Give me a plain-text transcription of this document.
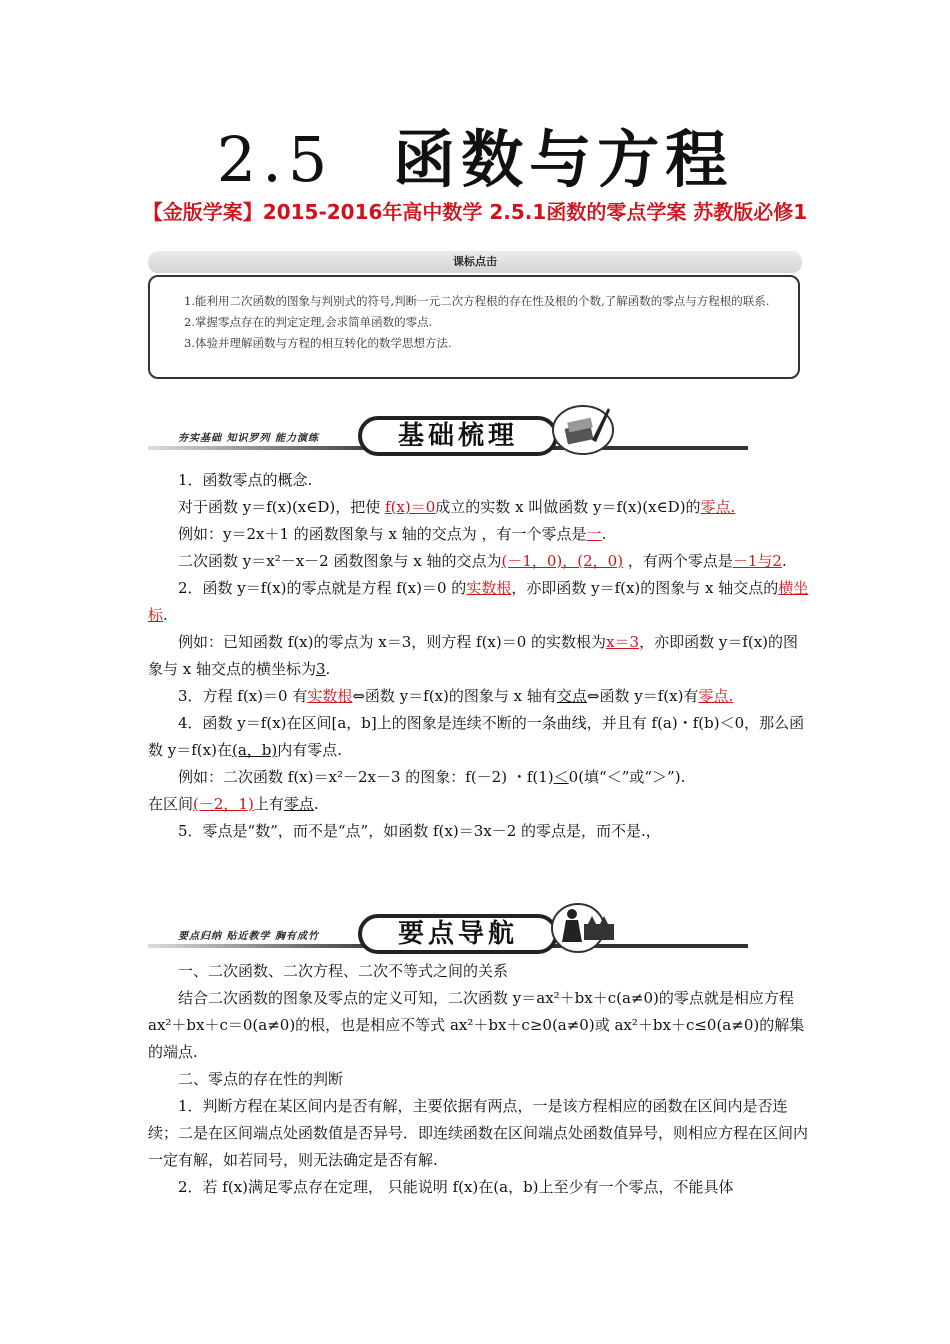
2.5 函数与方程
【金版学案】2015-2016年高中数学 2.5.1函数的零点学案 苏教版必修1
课标点击

1.能利用二次函数的图象与判别式的符号,判断一元二次方程根的存在性及根的个数,了解函数的零点与方程根的联系.

2.掌握零点存在的判定定理,会求简单函数的零点.

3.体验并理解函数与方程的相互转化的数学思想方法.

夯实基础 知识罗列 能力演练	基础梳理

1．函数零点的概念.

对于函数 y＝f(x)(x∈D)，把使 f(x)＝0成立的实数 x 叫做函数 y＝f(x)(x∈D)的零点.

例如：y＝2x＋1 的函数图象与 x 轴的交点为 ，有一个零点是一.

二次函数 y＝x²－x－2 函数图象与 x 轴的交点为(－1，0)，(2，0) ，有两个零点是－1与2.

2．函数 y＝f(x)的零点就是方程 f(x)＝0 的实数根，亦即函数 y＝f(x)的图象与 x 轴交点的横坐标.

例如：已知函数 f(x)的零点为 x＝3，则方程 f(x)＝0 的实数根为x＝3，亦即函数 y＝f(x)的图象与 x 轴交点的横坐标为3.

3．方程 f(x)＝0 有实数根⇔函数 y＝f(x)的图象与 x 轴有交点⇔函数 y＝f(x)有零点.

4．函数 y＝f(x)在区间[a，b]上的图象是连续不断的一条曲线，并且有 f(a)・f(b)＜0，那么函数 y＝f(x)在(a，b)内有零点.

例如：二次函数 f(x)＝x²－2x－3 的图象：f(－2) ・f(1)＜0(填“＜”或“＞”).

在区间(－2，1)上有零点.

5．零点是“数”，而不是“点”，如函数 f(x)＝3x－2 的零点是，而不是.，

要点归纳 贴近教学 胸有成竹	要点导航

一、二次函数、二次方程、二次不等式之间的关系

结合二次函数的图象及零点的定义可知，二次函数 y＝ax²＋bx＋c(a≠0)的零点就是相应方程 ax²＋bx＋c＝0(a≠0)的根，也是相应不等式 ax²＋bx＋c≥0(a≠0)或 ax²＋bx＋c≤0(a≠0)的解集的端点.

二、零点的存在性的判断

1．判断方程在某区间内是否有解，主要依据有两点，一是该方程相应的函数在区间内是否连续；二是在区间端点处函数值是否异号．即连续函数在区间端点处函数值异号，则相应方程在区间内一定有解，如若同号，则无法确定是否有解.

2．若 f(x)满足零点存在定理， 只能说明 f(x)在(a，b)上至少有一个零点，不能具体
